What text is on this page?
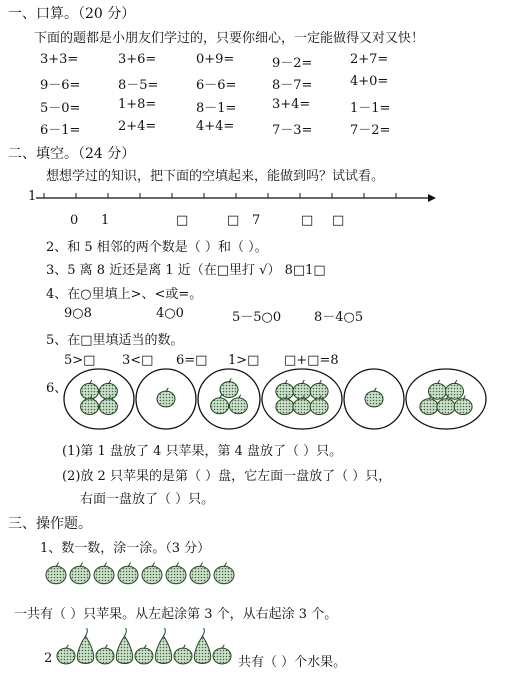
一、口算。（20 分）
下面的题都是小朋友们学过的，只要你细心，一定能做得又对又快！
3+3=	3+6=	0+9=	9－2=	2+7=
9－6=	8－5=	6－6=	8－7=	4+0=
5－0=	1+8=	8－1=	3+4=	1－1=
6－1=	2+4=	4+4=	7－3=	7－2=
二、填空。（24 分）
想想学过的知识，把下面的空填起来，能做到吗？试试看。
1
0 1	□	□ 7	□ □
2、和 5 相邻的两个数是（ ）和（ ）。
3、5 离 8 近还是离 1 近（在□里打 √） 8□1□
4、在○里填上>、<或=。
9○8	4○0	5－5○0	8－4○5
5、在□里填适当的数。
5>□ 3<□ 6=□ 1>□ □+□=8
6、
(1)第 1 盘放了 4 只苹果，第 4 盘放了（ ）只。
(2)放 2 只苹果的是第（ ）盘，它左面一盘放了（ ）只，
右面一盘放了（ ）只。
三、操作题。
1、数一数，涂一涂。（3 分）
一共有（ ）只苹果。从左起涂第 3 个，从右起涂 3 个。
2	共有（ ）个水果。
